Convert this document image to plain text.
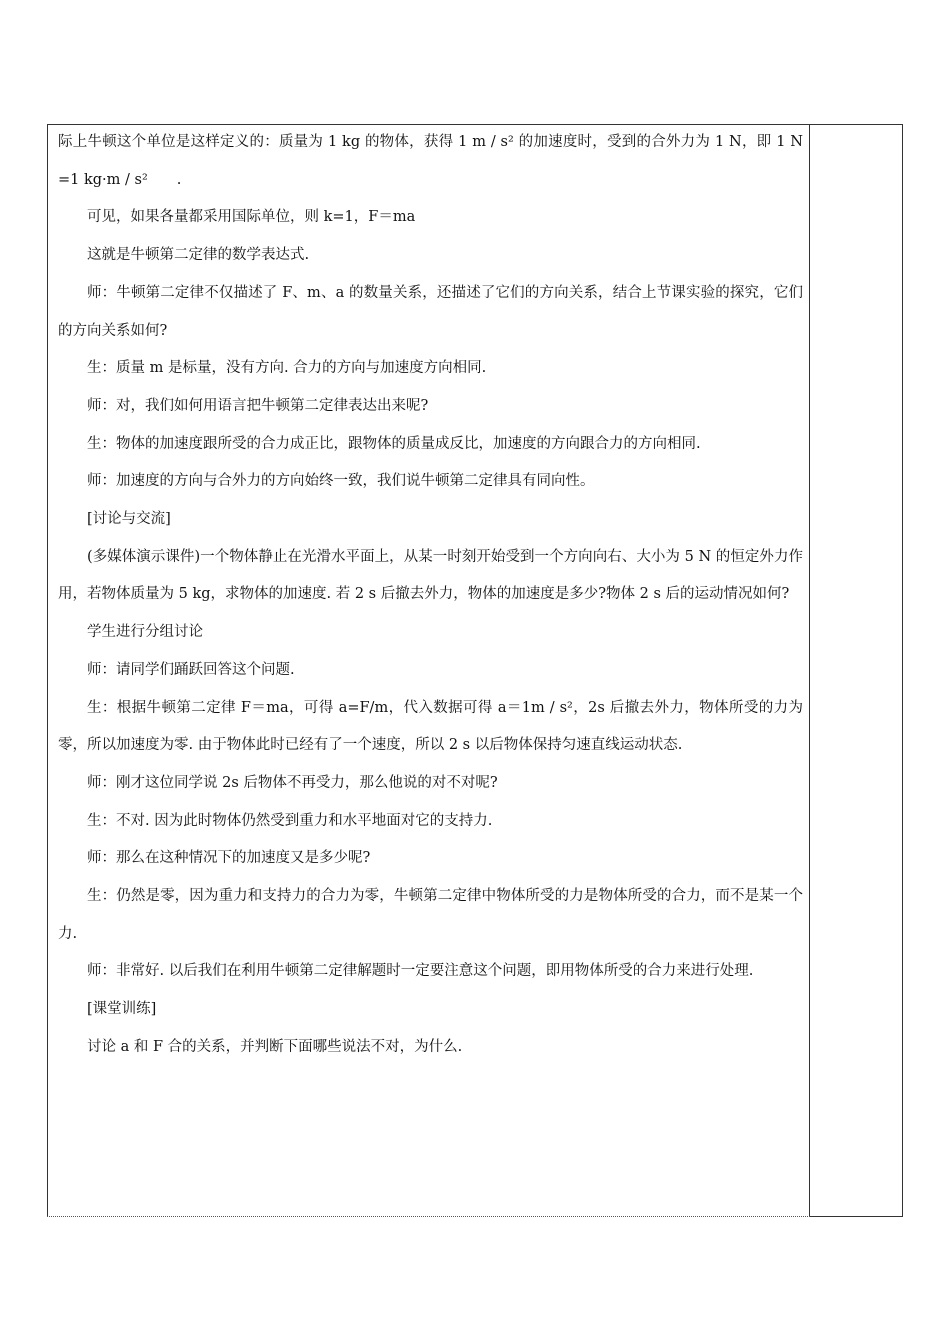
际上牛顿这个单位是这样定义的：质量为 1 kg 的物体，获得 1 m / s² 的加速度时，受到的合外力为 1 N，即 1 N=1 kg·m / s²　　.

可见，如果各量都采用国际单位，则 k=1，F＝ma

这就是牛顿第二定律的数学表达式.

师：牛顿第二定律不仅描述了 F、m、a 的数量关系，还描述了它们的方向关系，结合上节课实验的探究，它们的方向关系如何?

生：质量 m 是标量，没有方向. 合力的方向与加速度方向相同.

师：对，我们如何用语言把牛顿第二定律表达出来呢?

生：物体的加速度跟所受的合力成正比，跟物体的质量成反比，加速度的方向跟合力的方向相同.

师：加速度的方向与合外力的方向始终一致，我们说牛顿第二定律具有同向性。

[讨论与交流]

(多媒体演示课件)一个物体静止在光滑水平面上，从某一时刻开始受到一个方向向右、大小为 5 N 的恒定外力作用，若物体质量为 5 kg，求物体的加速度. 若 2 s 后撤去外力，物体的加速度是多少?物体 2 s 后的运动情况如何?

学生进行分组讨论

师：请同学们踊跃回答这个问题.

生：根据牛顿第二定律 F＝ma，可得 a=F/m，代入数据可得 a＝1m / s²，2s 后撤去外力，物体所受的力为零，所以加速度为零. 由于物体此时已经有了一个速度，所以 2 s 以后物体保持匀速直线运动状态.

师：刚才这位同学说 2s 后物体不再受力，那么他说的对不对呢?

生：不对. 因为此时物体仍然受到重力和水平地面对它的支持力.

师：那么在这种情况下的加速度又是多少呢?

生：仍然是零，因为重力和支持力的合力为零，牛顿第二定律中物体所受的力是物体所受的合力，而不是某一个力.

师：非常好. 以后我们在利用牛顿第二定律解题时一定要注意这个问题，即用物体所受的合力来进行处理.

[课堂训练]

讨论 a 和 F 合的关系，并判断下面哪些说法不对，为什么.
